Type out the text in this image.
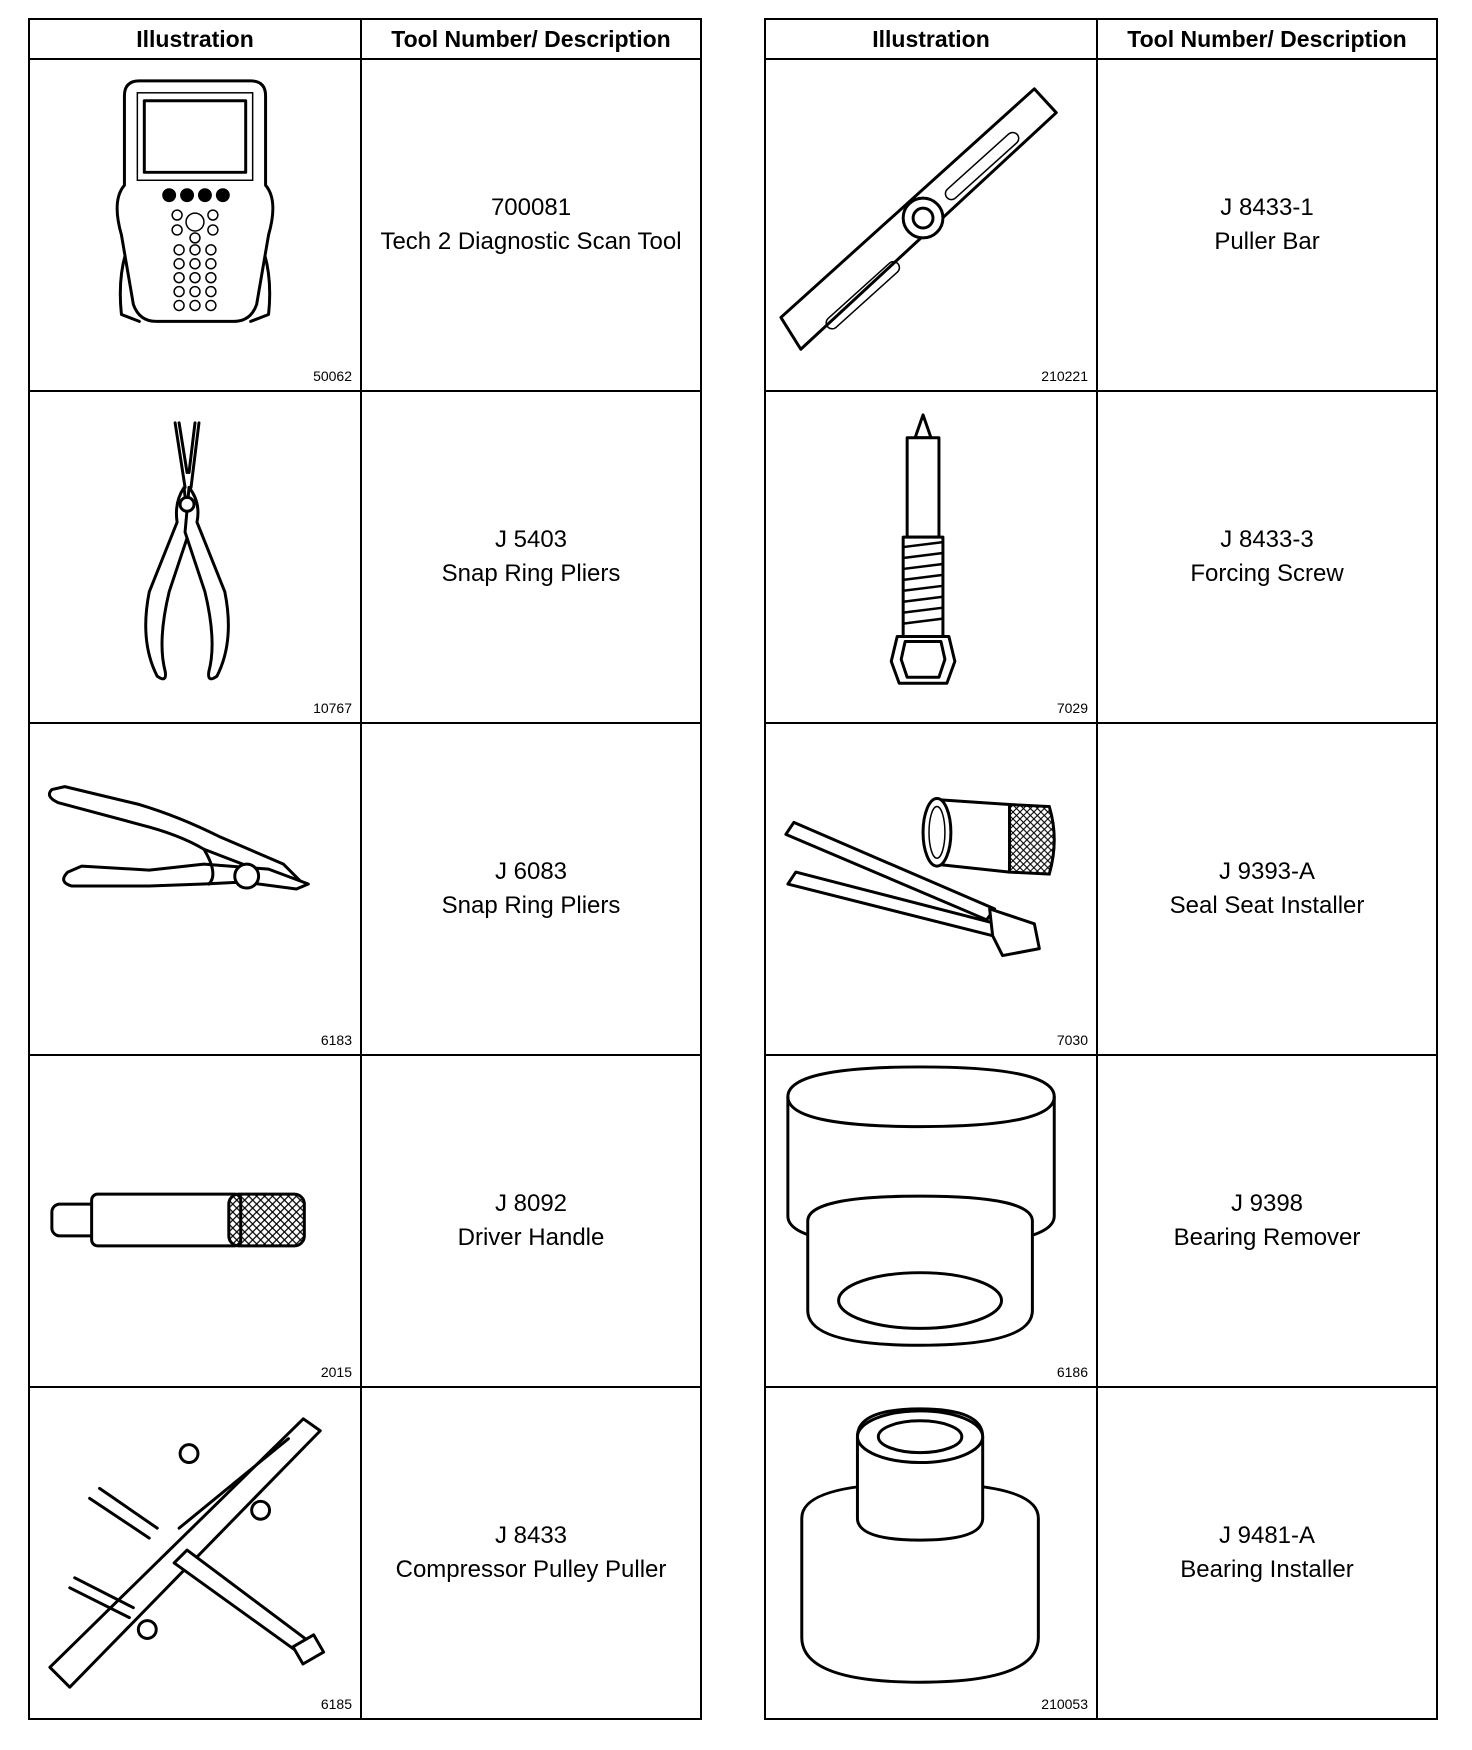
Illustration	Tool Number/ Description

50062	700081
Tech 2 Diagnostic Scan Tool

10767	J 5403
Snap Ring Pliers

6183	J 6083
Snap Ring Pliers

2015	J 8092
Driver Handle

6185	J 8433
Compressor Pulley Puller
Illustration	Tool Number/ Description

210221	J 8433-1
Puller Bar

7029	J 8433-3
Forcing Screw

7030	J 9393-A
Seal Seat Installer

6186	J 9398
Bearing Remover

210053	J 9481-A
Bearing Installer
